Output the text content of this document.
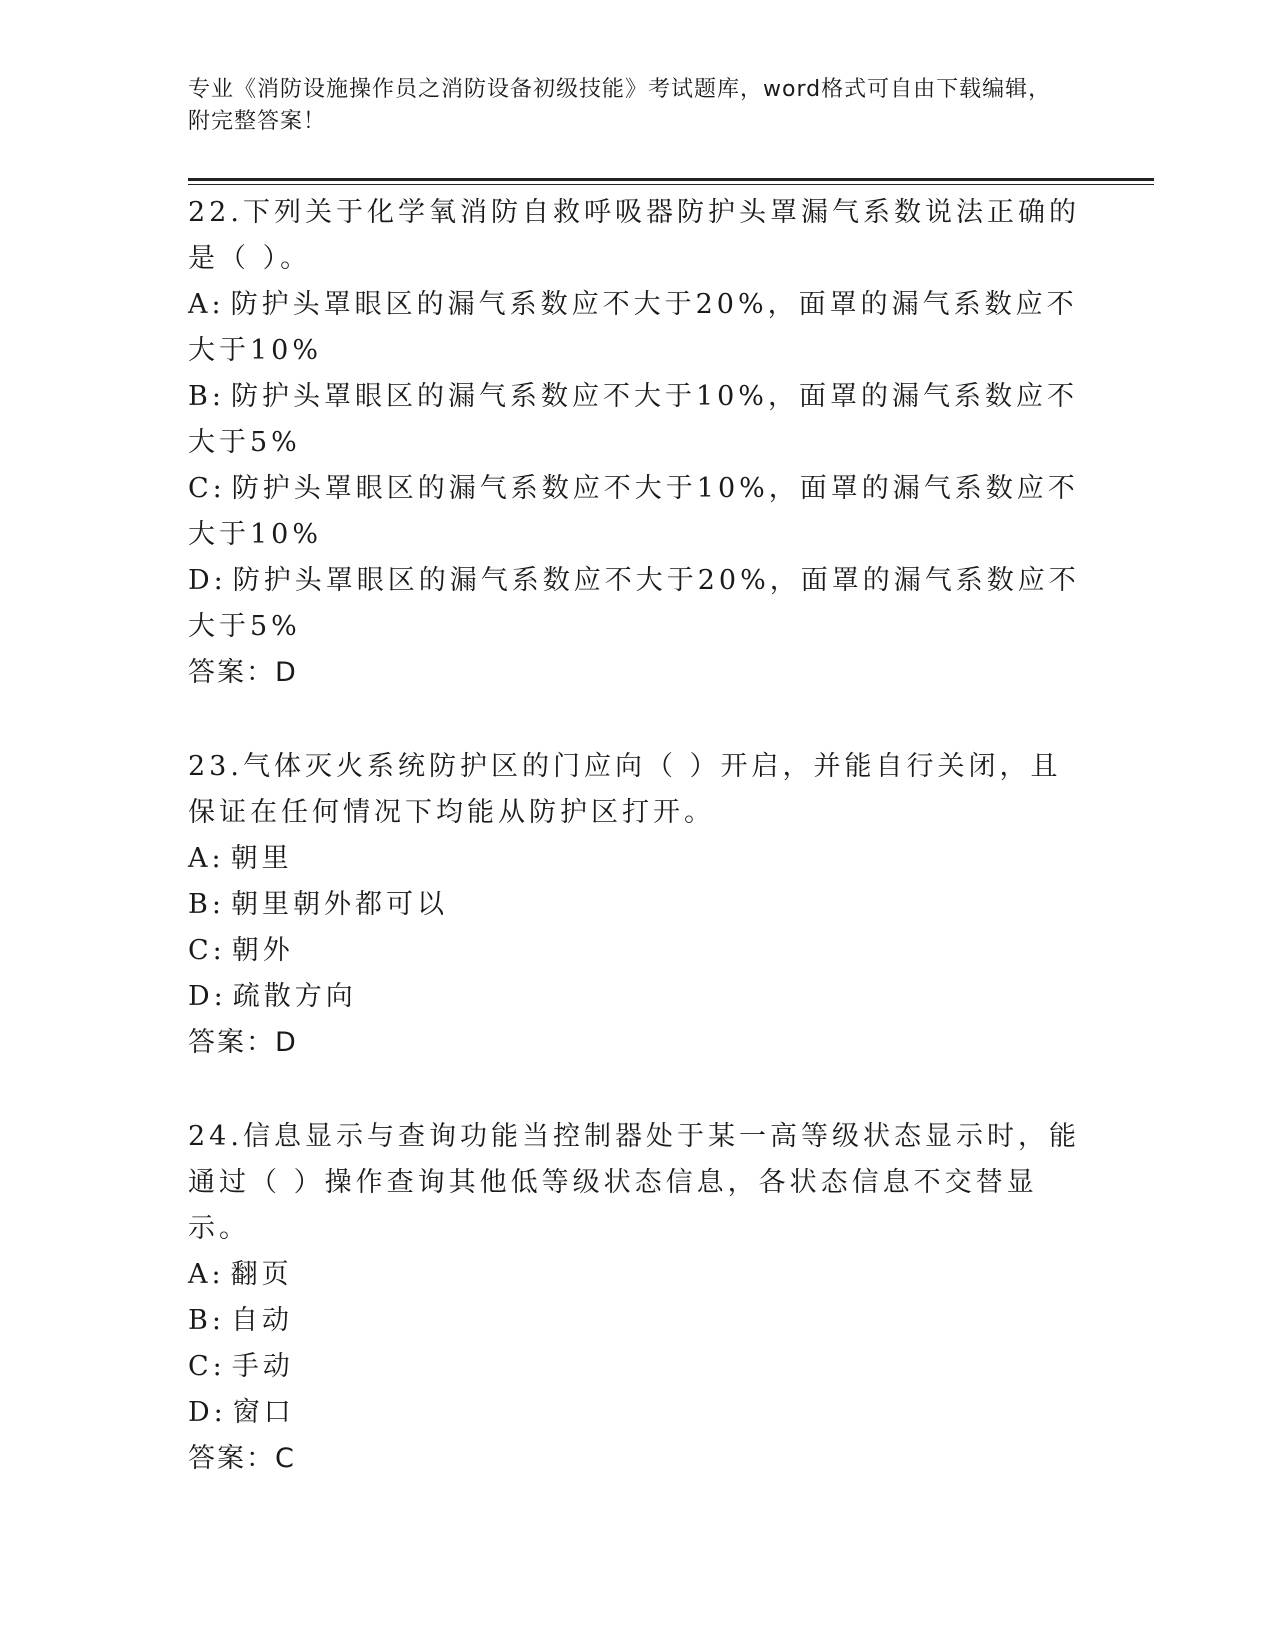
专业《消防设施操作员之消防设备初级技能》考试题库，word格式可自由下载编辑，附完整答案！
22.下列关于化学氧消防自救呼吸器防护头罩漏气系数说法正确的是（ ）。
A: 防护头罩眼区的漏气系数应不大于20%，面罩的漏气系数应不大于10%
B: 防护头罩眼区的漏气系数应不大于10%，面罩的漏气系数应不大于5%
C: 防护头罩眼区的漏气系数应不大于10%，面罩的漏气系数应不大于10%
D: 防护头罩眼区的漏气系数应不大于20%，面罩的漏气系数应不大于5%
答案：D
23.气体灭火系统防护区的门应向（ ）开启，并能自行关闭，且保证在任何情况下均能从防护区打开。
A: 朝里
B: 朝里朝外都可以
C: 朝外
D: 疏散方向
答案：D
24.信息显示与查询功能当控制器处于某一高等级状态显示时，能通过（ ）操作查询其他低等级状态信息，各状态信息不交替显示。
A: 翻页
B: 自动
C: 手动
D: 窗口
答案：C
